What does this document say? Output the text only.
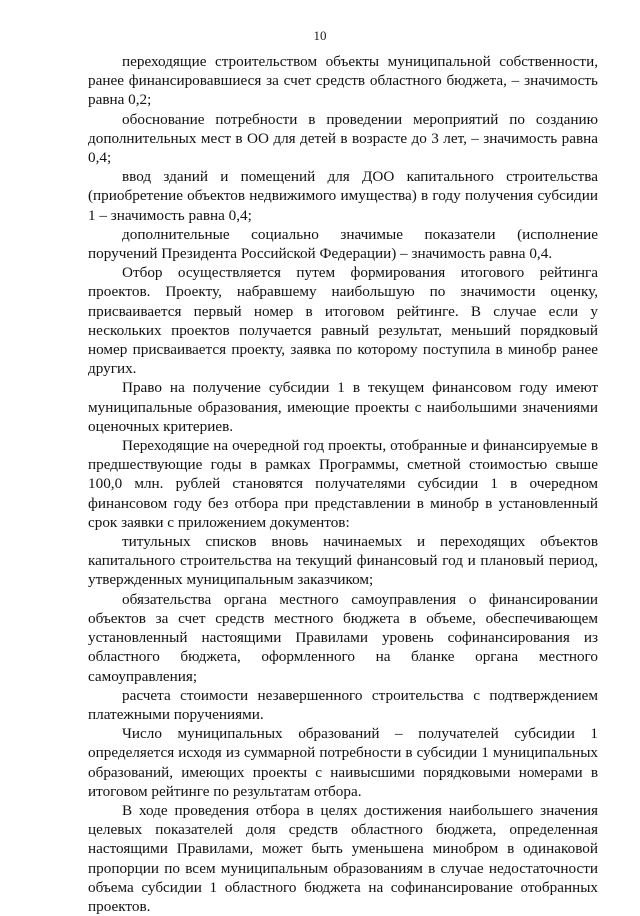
10

переходящие строительством объекты муниципальной собственности, ранее финансировавшиеся за счет средств областного бюджета, – значимость равна 0,2;

обоснование потребности в проведении мероприятий по созданию дополнительных мест в ОО для детей в возрасте до 3 лет, – значимость равна 0,4;

ввод зданий и помещений для ДОО капитального строительства (приобретение объектов недвижимого имущества) в году получения субсидии 1 – значимость равна 0,4;

дополнительные социально значимые показатели (исполнение поручений Президента Российской Федерации) – значимость равна 0,4.

Отбор осуществляется путем формирования итогового рейтинга проектов. Проекту, набравшему наибольшую по значимости оценку, присваивается первый номер в итоговом рейтинге. В случае если у нескольких проектов получается равный результат, меньший порядковый номер присваивается проекту, заявка по которому поступила в минобр ранее других.

Право на получение субсидии 1 в текущем финансовом году имеют муниципальные образования, имеющие проекты с наибольшими значениями оценочных критериев.

Переходящие на очередной год проекты, отобранные и финансируемые в предшествующие годы в рамках Программы, сметной стоимостью свыше 100,0 млн. рублей становятся получателями субсидии 1 в очередном финансовом году без отбора при представлении в минобр в установленный срок заявки с приложением документов:

титульных списков вновь начинаемых и переходящих объектов капитального строительства на текущий финансовый год и плановый период, утвержденных муниципальным заказчиком;

обязательства органа местного самоуправления о финансировании объектов за счет средств местного бюджета в объеме, обеспечивающем установленный настоящими Правилами уровень софинансирования из областного бюджета, оформленного на бланке органа местного самоуправления;

расчета стоимости незавершенного строительства с подтверждением платежными поручениями.

Число муниципальных образований – получателей субсидии 1 определяется исходя из суммарной потребности в субсидии 1 муниципальных образований, имеющих проекты с наивысшими порядковыми номерами в итоговом рейтинге по результатам отбора.

В ходе проведения отбора в целях достижения наибольшего значения целевых показателей доля средств областного бюджета, определенная настоящими Правилами, может быть уменьшена минобром в одинаковой пропорции по всем муниципальным образованиям в случае недостаточности объема субсидии 1 областного бюджета на софинансирование отобранных проектов.
